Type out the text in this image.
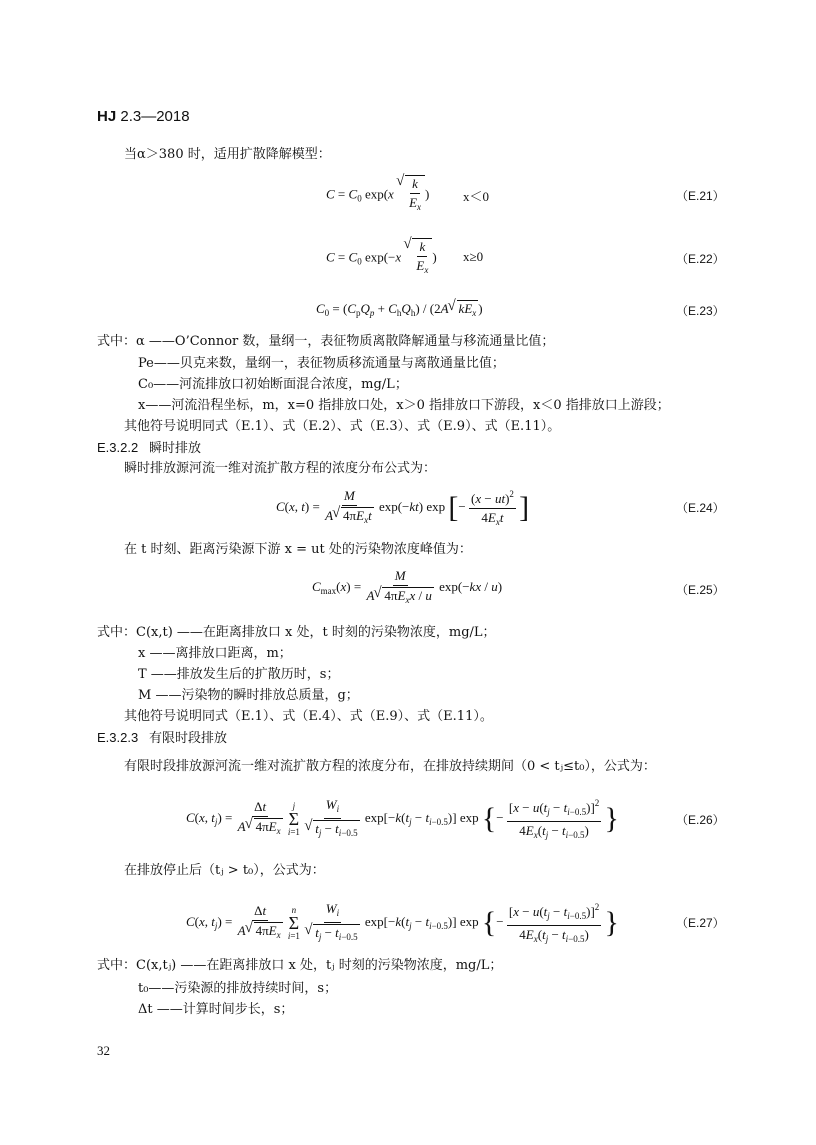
HJ 2.3—2018
当α＞380 时，适用扩散降解模型：
$C = C_0$ exp(x
√ $\frac{k}{E_x}$ )	x＜0	（E.21）
$C = C_0$ exp(−x
√ $\frac{k}{E_x}$ ) x≥0	（E.22）
$C_0 = (C_pQ_p + C_hQ_h) / (2A√$ $kE_x$ )	（E.23）
式中：α ——O’Connor 数，量纲一，表征物质离散降解通量与移流通量比值；
Pe——贝克来数，量纲一，表征物质移流通量与离散通量比值；
C₀——河流排放口初始断面混合浓度，mg/L；
x——河流沿程坐标，m，x=0 指排放口处，x＞0 指排放口下游段，x＜0 指排放口上游段；
其他符号说明同式（E.1）、式（E.2）、式（E.3）、式（E.9）、式（E.11）。
E.3.2.2 瞬时排放
瞬时排放源河流一维对流扩散方程的浓度分布公式为：
C(x, $t) = \frac{M}{A√ 4\pi E_xt} \exp(-kt)$ exp [− $\frac{(x - ut)^2}{4E_xt}$ ]	（E.24）
在 t 时刻、距离污染源下游 x = ut 处的污染物浓度峰值为：
$C_{max}(x) = \frac{M}{A√ 4\pi E_xx / u} \exp(-kx / u)$	（E.25）
式中：C(x,t) ——在距离排放口 x 处，t 时刻的污染物浓度，mg/L；
x ——离排放口距离，m；
T ——排放发生后的扩散历时，s；
M ——污染物的瞬时排放总质量，g；
其他符号说明同式（E.1）、式（E.4）、式（E.9）、式（E.11）。
E.3.2.3 有限时段排放
有限时段排放源河流一维对流扩散方程的浓度分布，在排放持续期间（0 < tⱼ≤t₀），公式为：
C(x, $t_j) = \frac{\Delta t}{A√ 4\pi E_x}$
j
Σ
i=1
$W_i$
√ $t_j - t_{i-0.5}$ $\exp[-k(t_j - t_{i-0.5})]$ exp {− $\frac{[x - u(t_j - t_{i-0.5})]^2}{4E_x(t_j - t_{i-0.5})}$ }	（E.26）
在排放停止后（tⱼ > t₀），公式为：
C(x, $t_j) = \frac{\Delta t}{A√ 4\pi E_x}$
n
Σ
i=1
$W_i$
√ $t_j - t_{i-0.5}$ $\exp[-k(t_j - t_{i-0.5})]$ exp {− $\frac{[x - u(t_j - t_{i-0.5})]^2}{4E_x(t_j - t_{i-0.5})}$ }	（E.27）
式中：C(x,tⱼ) ——在距离排放口 x 处，tⱼ 时刻的污染物浓度，mg/L；
t₀——污染源的排放持续时间，s；
Δt ——计算时间步长，s；
32
